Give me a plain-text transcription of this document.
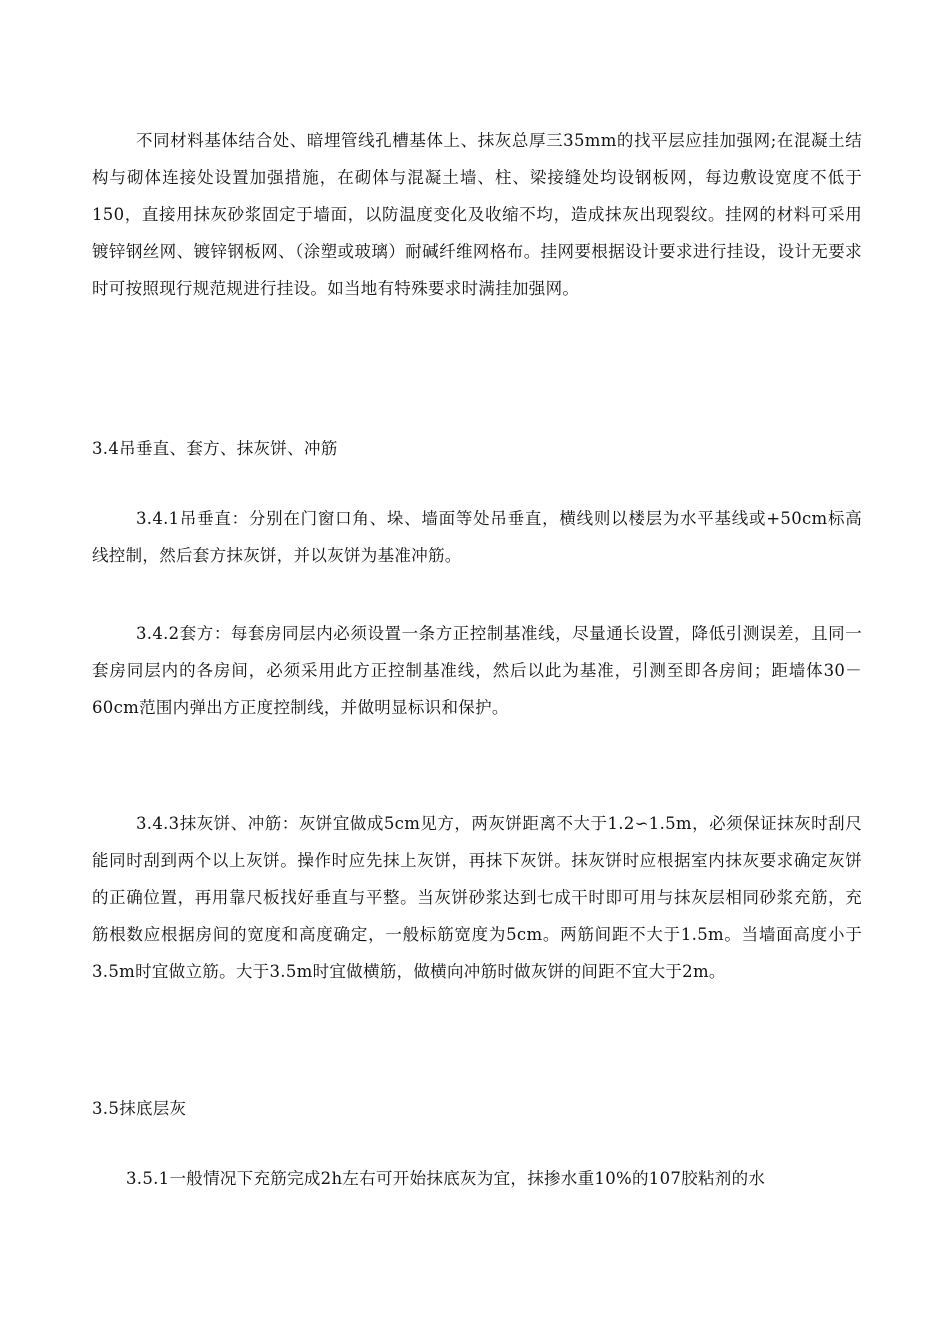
不同材料基体结合处、暗埋管线孔槽基体上、抹灰总厚三35mm的找平层应挂加强网;在混凝土结构与砌体连接处设置加强措施，在砌体与混凝土墙、柱、梁接缝处均设钢板网，每边敷设宽度不低于150，直接用抹灰砂浆固定于墙面，以防温度变化及收缩不均，造成抹灰出现裂纹。挂网的材料可采用镀锌钢丝网、镀锌钢板网、（涂塑或玻璃）耐碱纤维网格布。挂网要根据设计要求进行挂设，设计无要求时可按照现行规范规进行挂设。如当地有特殊要求时满挂加强网。

3.4吊垂直、套方、抹灰饼、冲筋

3.4.1吊垂直：分别在门窗口角、垛、墙面等处吊垂直，横线则以楼层为水平基线或+50cm标高线控制，然后套方抹灰饼，并以灰饼为基准冲筋。

3.4.2套方：每套房同层内必须设置一条方正控制基准线，尽量通长设置，降低引测误差，且同一套房同层内的各房间，必须采用此方正控制基准线，然后以此为基准，引测至即各房间；距墙体30－60cm范围内弹出方正度控制线，并做明显标识和保护。

3.4.3抹灰饼、冲筋：灰饼宜做成5cm见方，两灰饼距离不大于1.2∽1.5m，必须保证抹灰时刮尺能同时刮到两个以上灰饼。操作时应先抹上灰饼，再抹下灰饼。抹灰饼时应根据室内抹灰要求确定灰饼的正确位置，再用靠尺板找好垂直与平整。当灰饼砂浆达到七成干时即可用与抹灰层相同砂浆充筋，充筋根数应根据房间的宽度和高度确定，一般标筋宽度为5cm。两筋间距不大于1.5m。当墙面高度小于3.5m时宜做立筋。大于3.5m时宜做横筋，做横向冲筋时做灰饼的间距不宜大于2m。

3.5抹底层灰

3.5.1一般情况下充筋完成2h左右可开始抹底灰为宜，抹掺水重10%的107胶粘剂的水
